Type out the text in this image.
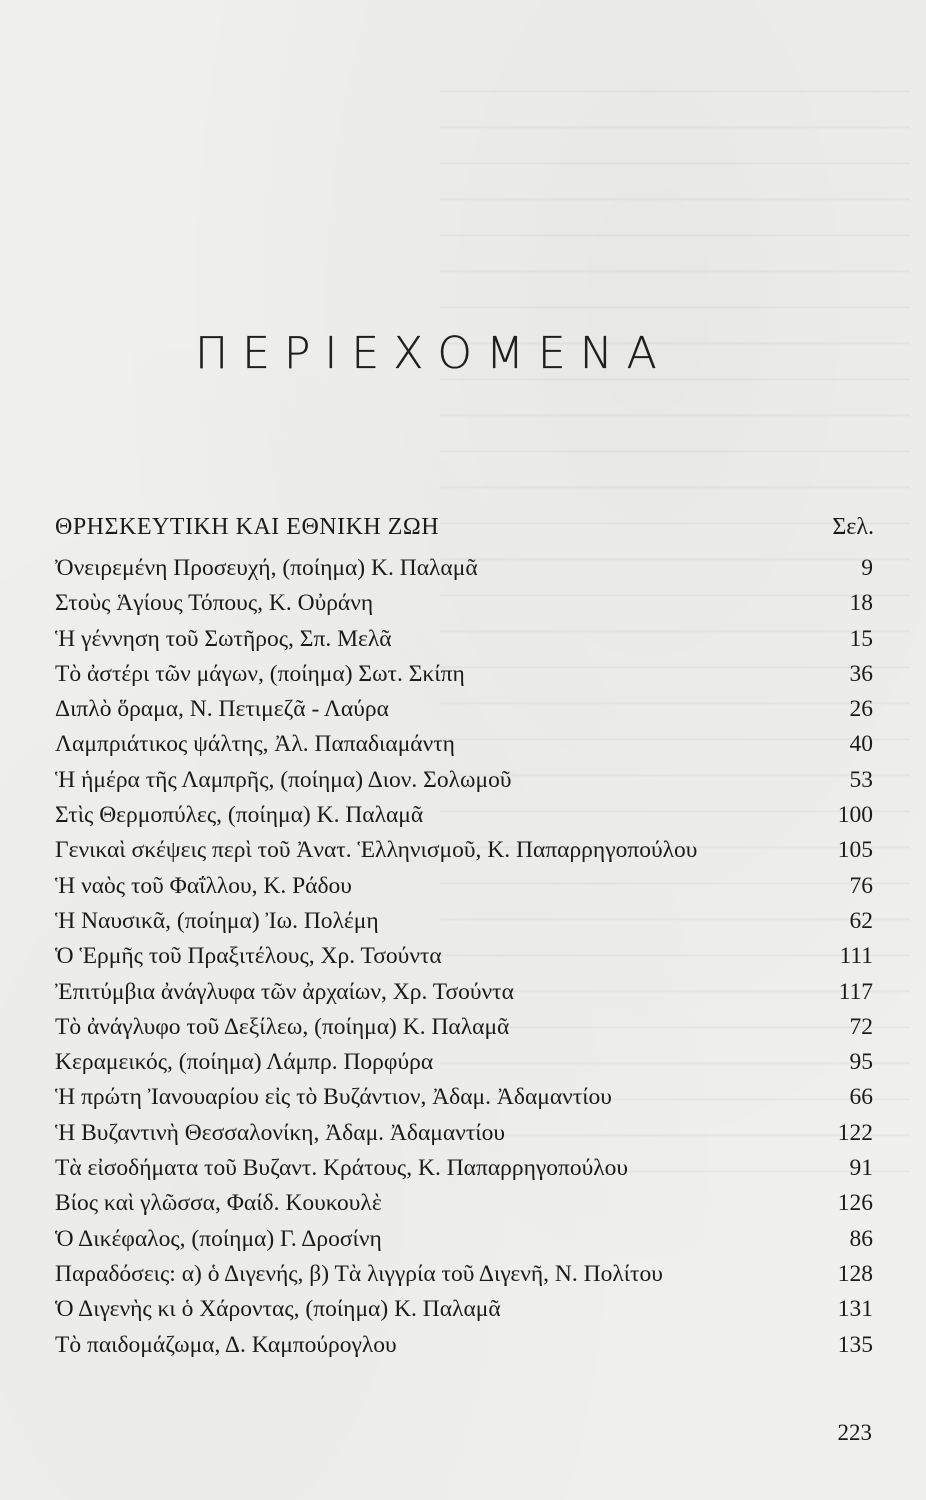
ΠΕΡΙΕΧΟΜΕΝΑ
ΘΡΗΣΚΕΥΤΙΚΗ ΚΑΙ ΕΘΝΙΚΗ ΖΩΗ	Σελ.
Ὀνειρεμένη Προσευχή, (ποίημα) Κ. Παλαμᾶ	9
Στοὺς Ἁγίους Τόπους, Κ. Οὐράνη	18
Ἡ γέννηση τοῦ Σωτῆρος, Σπ. Μελᾶ	15
Τὸ ἀστέρι τῶν μάγων, (ποίημα) Σωτ. Σκίπη	36
Διπλὸ ὅραμα, Ν. Πετιμεζᾶ - Λαύρα	26
Λαμπριάτικος ψάλτης, Ἀλ. Παπαδιαμάντη	40
Ἡ ἡμέρα τῆς Λαμπρῆς, (ποίημα) Διον. Σολωμοῦ	53
Στὶς Θερμοπύλες, (ποίημα) Κ. Παλαμᾶ	100
Γενικαὶ σκέψεις περὶ τοῦ Ἀνατ. Ἑλληνισμοῦ, Κ. Παπαρρηγοπούλου	105
Ἡ ναὸς τοῦ Φαΐλλου, Κ. Ράδου	76
Ἡ Ναυσικᾶ, (ποίημα) Ἰω. Πολέμη	62
Ὁ Ἑρμῆς τοῦ Πραξιτέλους, Χρ. Τσούντα	111
Ἐπιτύμβια ἀνάγλυφα τῶν ἀρχαίων, Χρ. Τσούντα	117
Τὸ ἀνάγλυφο τοῦ Δεξίλεω, (ποίημα) Κ. Παλαμᾶ	72
Κεραμεικός, (ποίημα) Λάμπρ. Πορφύρα	95
Ἡ πρώτη Ἰανουαρίου εἰς τὸ Βυζάντιον, Ἀδαμ. Ἀδαμαντίου	66
Ἡ Βυζαντινὴ Θεσσαλονίκη, Ἀδαμ. Ἀδαμαντίου	122
Τὰ εἰσοδήματα τοῦ Βυζαντ. Κράτους, Κ. Παπαρρηγοπούλου	91
Βίος καὶ γλῶσσα, Φαίδ. Κουκουλὲ	126
Ὁ Δικέφαλος, (ποίημα) Γ. Δροσίνη	86
Παραδόσεις: α) ὁ Διγενής, β) Τὰ λιγγρία τοῦ Διγενῆ, Ν. Πολίτου	128
Ὁ Διγενὴς κι ὁ Χάροντας, (ποίημα) Κ. Παλαμᾶ	131
Τὸ παιδομάζωμα, Δ. Καμπούρογλου	135
223
